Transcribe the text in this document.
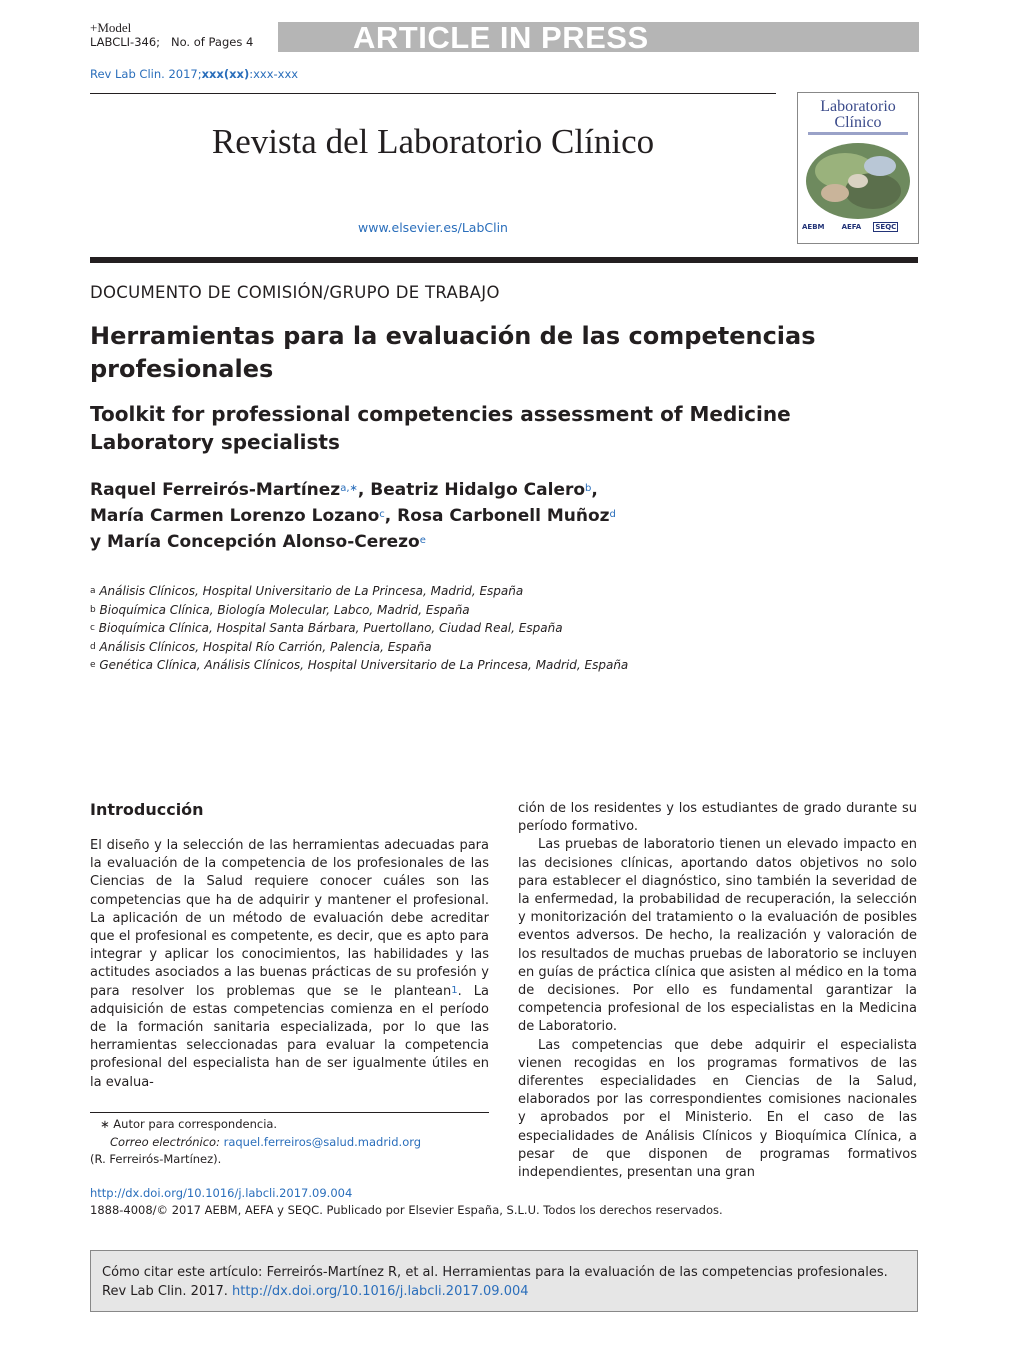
+Model
LABCLI-346; No. of Pages 4	ARTICLE IN PRESS
Rev Lab Clin. 2017;xxx(xx):xxx-xxx
Revista del Laboratorio Clínico
www.elsevier.es/LabClin
Laboratorio
Clínico
AEBM AEFA SEQC
DOCUMENTO DE COMISIÓN/GRUPO DE TRABAJO
Herramientas para la evaluación de las competencias profesionales
Toolkit for professional competencies assessment of Medicine Laboratory specialists
Raquel Ferreirós-Martínez$^{a,∗}$, Beatriz Hidalgo Calero$^b$,
María Carmen Lorenzo Lozano$^c$, Rosa Carbonell Muñoz$^d$
y María Concepción Alonso-Cerezo$^e$
$^a$ Análisis Clínicos, Hospital Universitario de La Princesa, Madrid, España
$^b$ Bioquímica Clínica, Biología Molecular, Labco, Madrid, España
$^c$ Bioquímica Clínica, Hospital Santa Bárbara, Puertollano, Ciudad Real, España
$^d$ Análisis Clínicos, Hospital Río Carrión, Palencia, España
$^e$ Genética Clínica, Análisis Clínicos, Hospital Universitario de La Princesa, Madrid, España
Introducción

El diseño y la selección de las herramientas adecuadas para la evaluación de la competencia de los profesionales de las Ciencias de la Salud requiere conocer cuáles son las competencias que ha de adquirir y mantener el profesional. La aplicación de un método de evaluación debe acreditar que el profesional es competente, es decir, que es apto para integrar y aplicar los conocimientos, las habilidades y las actitudes asociados a las buenas prácticas de su profesión y para resolver los problemas que se le plantean$^1$. La adquisición de estas competencias comienza en el período de la formación sanitaria especializada, por lo que las herramientas seleccionadas para evaluar la competencia profesional del especialista han de ser igualmente útiles en la evalua-

ción de los residentes y los estudiantes de grado durante su período formativo.

Las pruebas de laboratorio tienen un elevado impacto en las decisiones clínicas, aportando datos objetivos no solo para establecer el diagnóstico, sino también la severidad de la enfermedad, la probabilidad de recuperación, la selección y monitorización del tratamiento o la evaluación de posibles eventos adversos. De hecho, la realización y valoración de los resultados de muchas pruebas de laboratorio se incluyen en guías de práctica clínica que asisten al médico en la toma de decisiones. Por ello es fundamental garantizar la competencia profesional de los especialistas en la Medicina de Laboratorio.

Las competencias que debe adquirir el especialista vienen recogidas en los programas formativos de las diferentes especialidades en Ciencias de la Salud, elaborados por las correspondientes comisiones nacionales y aprobados por el Ministerio. En el caso de las especialidades de Análisis Clínicos y Bioquímica Clínica, a pesar de que disponen de programas formativos independientes, presentan una gran

∗ Autor para correspondencia.
Correo electrónico: raquel.ferreiros@salud.madrid.org
(R. Ferreirós-Martínez).
http://dx.doi.org/10.1016/j.labcli.2017.09.004
1888-4008/© 2017 AEBM, AEFA y SEQC. Publicado por Elsevier España, S.L.U. Todos los derechos reservados.
Cómo citar este artículo: Ferreirós-Martínez R, et al. Herramientas para la evaluación de las competencias profesionales. Rev Lab Clin. 2017. http://dx.doi.org/10.1016/j.labcli.2017.09.004
